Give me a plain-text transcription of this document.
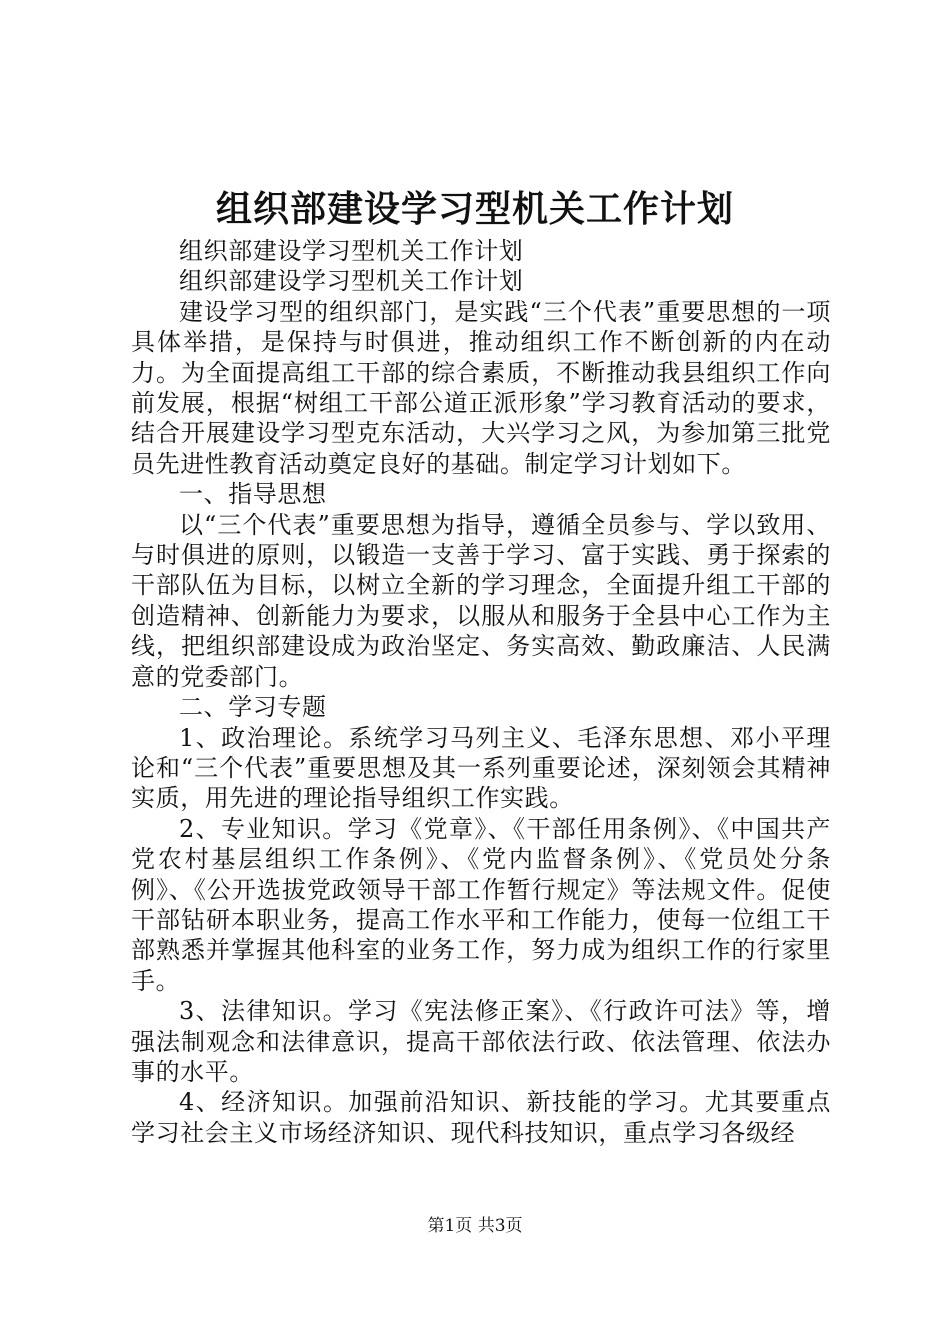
组织部建设学习型机关工作计划

组织部建设学习型机关工作计划

组织部建设学习型机关工作计划

建设学习型的组织部门，是实践“三个代表”重要思想的一项具体举措，是保持与时俱进，推动组织工作不断创新的内在动力。为全面提高组工干部的综合素质，不断推动我县组织工作向前发展，根据“树组工干部公道正派形象”学习教育活动的要求，结合开展建设学习型克东活动，大兴学习之风，为参加第三批党员先进性教育活动奠定良好的基础。制定学习计划如下。

一、指导思想

以“三个代表”重要思想为指导，遵循全员参与、学以致用、与时俱进的原则，以锻造一支善于学习、富于实践、勇于探索的干部队伍为目标，以树立全新的学习理念，全面提升组工干部的创造精神、创新能力为要求，以服从和服务于全县中心工作为主线，把组织部建设成为政治坚定、务实高效、勤政廉洁、人民满意的党委部门。

二、学习专题

1、政治理论。系统学习马列主义、毛泽东思想、邓小平理论和“三个代表”重要思想及其一系列重要论述，深刻领会其精神实质，用先进的理论指导组织工作实践。

2、专业知识。学习《党章》、《干部任用条例》、《中国共产党农村基层组织工作条例》、《党内监督条例》、《党员处分条例》、《公开选拔党政领导干部工作暂行规定》等法规文件。促使干部钻研本职业务，提高工作水平和工作能力，使每一位组工干部熟悉并掌握其他科室的业务工作，努力成为组织工作的行家里手。

3、法律知识。学习《宪法修正案》、《行政许可法》等，增强法制观念和法律意识，提高干部依法行政、依法管理、依法办事的水平。

4、经济知识。加强前沿知识、新技能的学习。尤其要重点学习社会主义市场经济知识、现代科技知识，重点学习各级经

第1页 共3页
